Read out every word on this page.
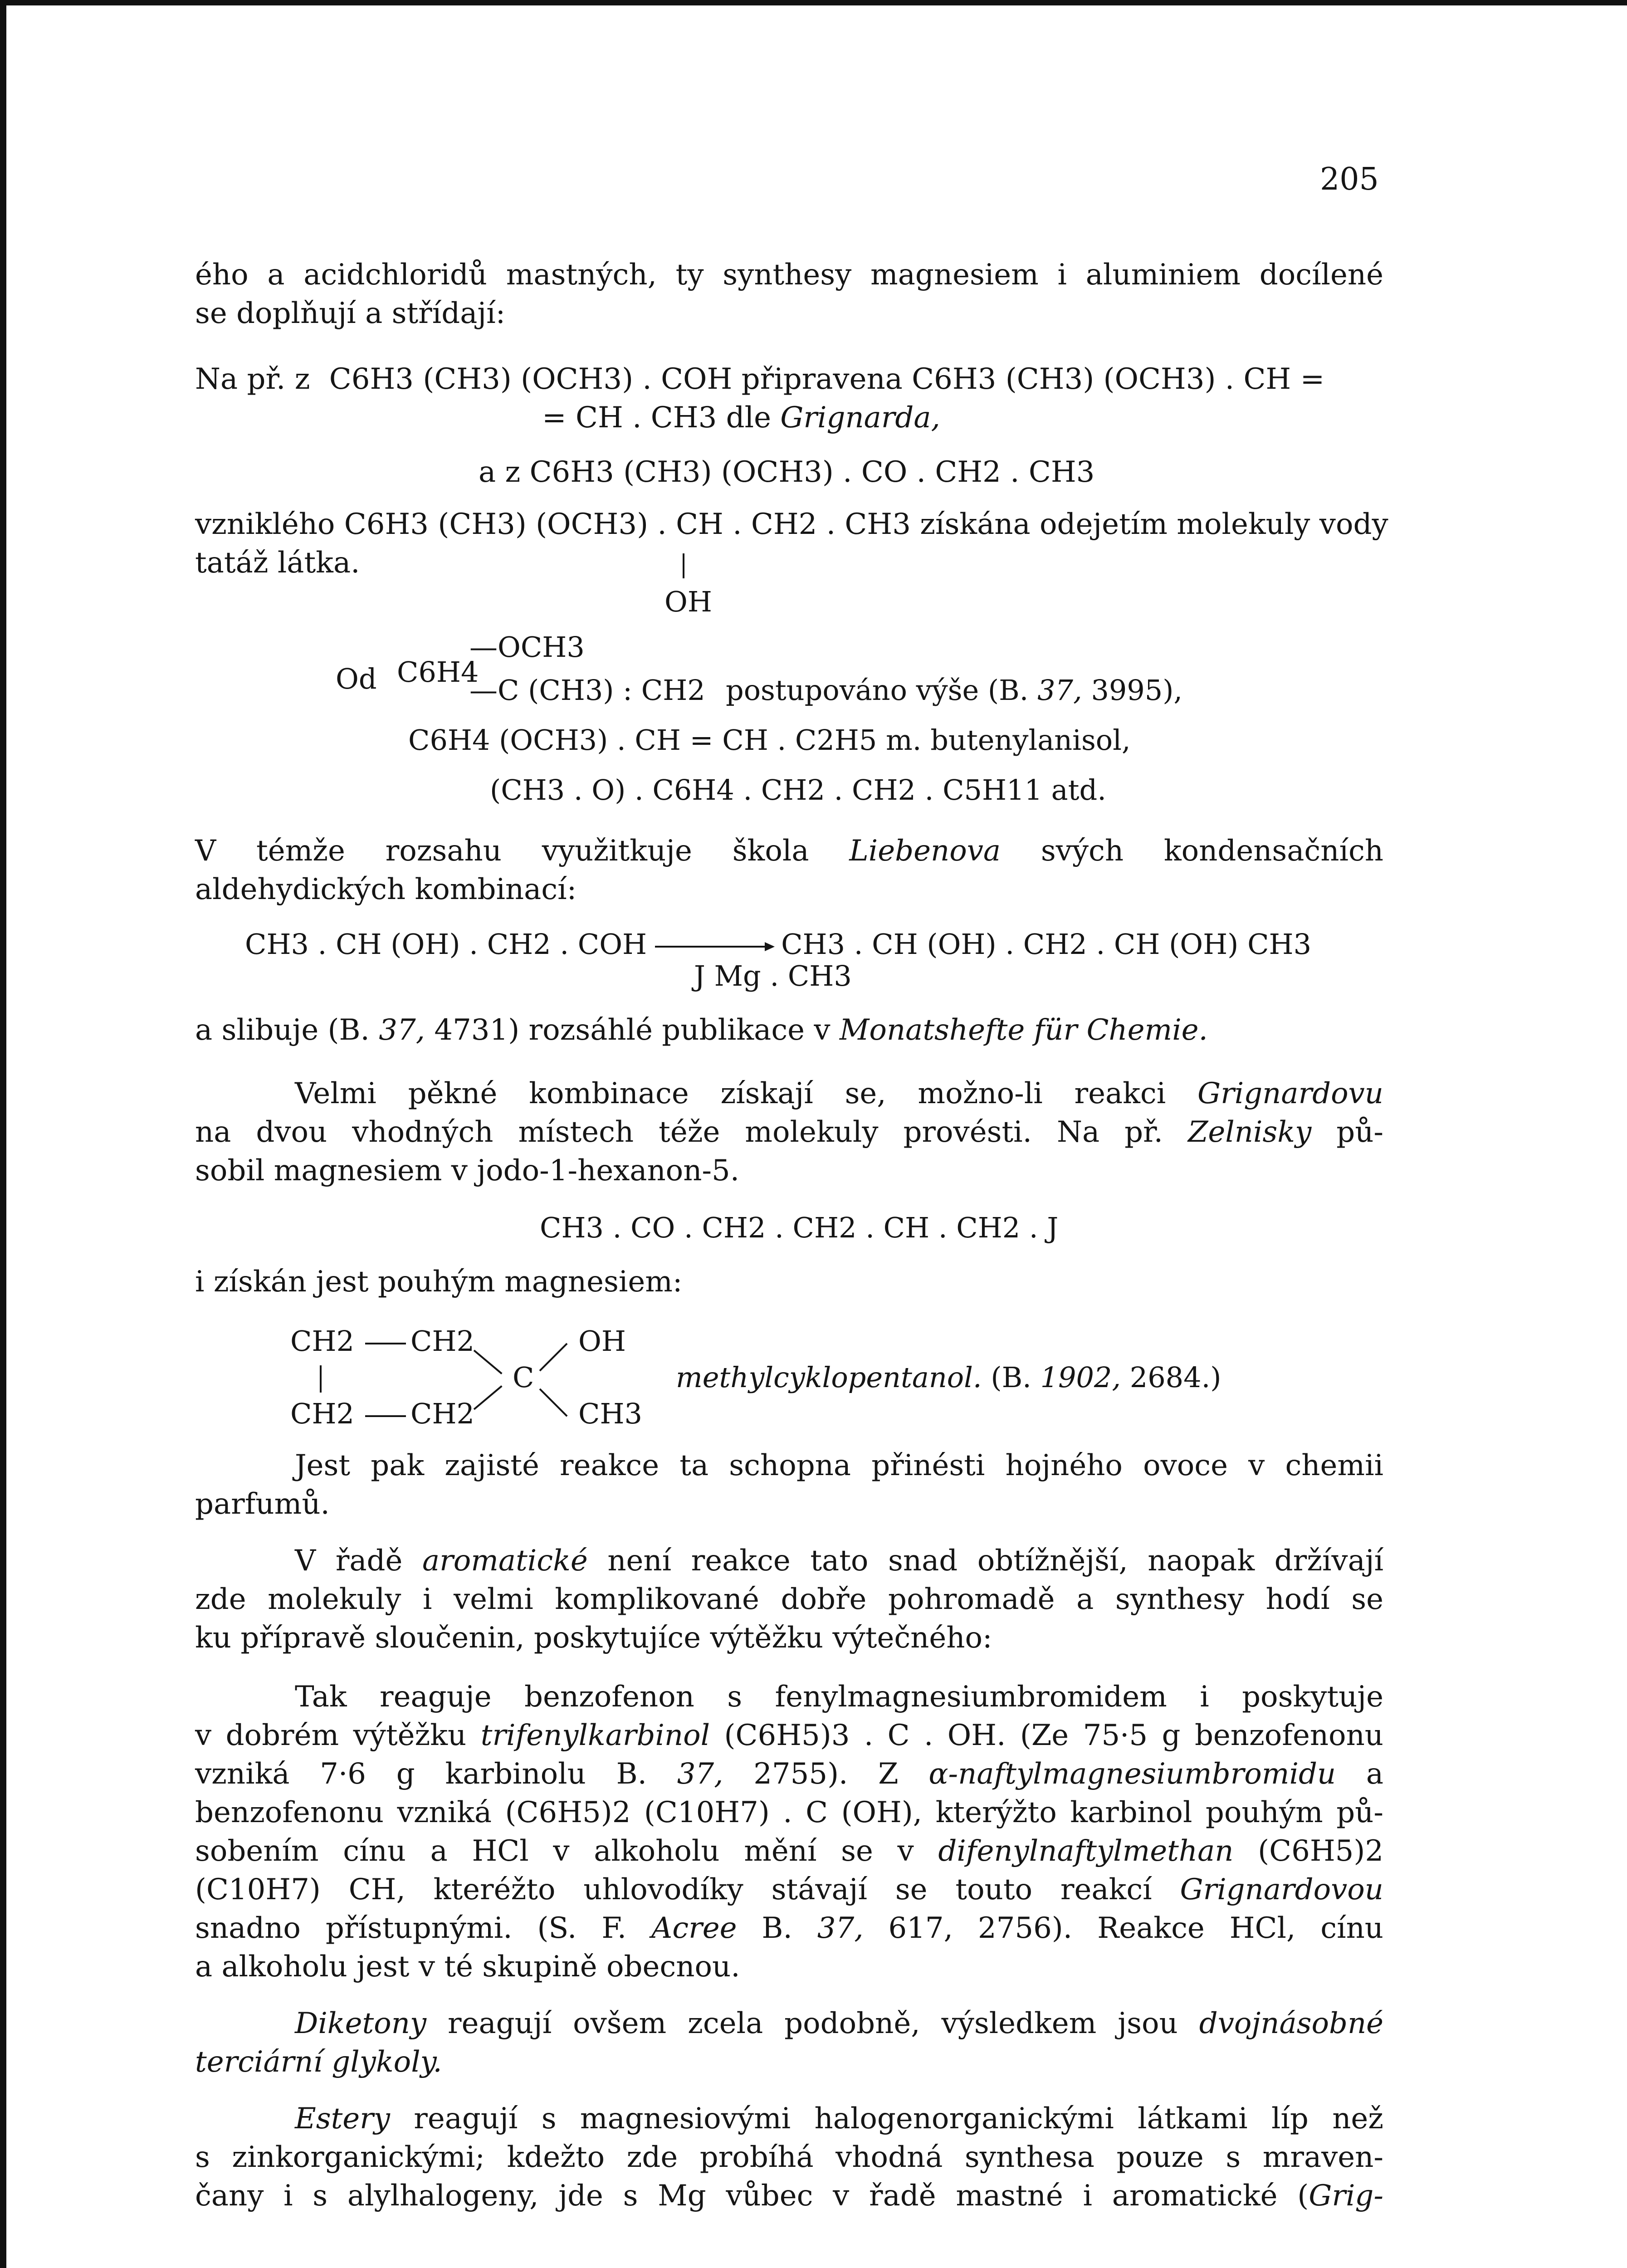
205
ého a acidchloridů mastných, ty synthesy magnesiem i aluminiem docílené
se doplňují a střídají:
Na př. z C6H3 (CH3) (OCH3) . COH připravena C6H3 (CH3) (OCH3) . CH =
= CH . CH3 dle Grignarda,
a z C6H3 (CH3) (OCH3) . CO . CH2 . CH3
vzniklého C6H3 (CH3) (OCH3) . CH . CH2 . CH3 získána odejetím molekuly vody
tatáž látka.
OH
Od C6H4
—OCH3
—C (CH3) : CH2 postupováno výše (B. 37, 3995),
C6H4 (OCH3) . CH = CH . C2H5 m. butenylanisol,
(CH3 . O) . C6H4 . CH2 . CH2 . C5H11 atd.
V témže rozsahu využitkuje škola Liebenova svých kondensačních
aldehydických kombinací:
CH3 . CH (OH) . CH2 . COH	CH3 . CH (OH) . CH2 . CH (OH) CH3
J Mg . CH3
a slibuje (B. 37, 4731) rozsáhlé publikace v Monatshefte für Chemie.
Velmi pěkné kombinace získají se, možno-li reakci Grignardovu
na dvou vhodných místech téže molekuly provésti. Na př. Zelnisky pů-
sobil magnesiem v jodo-1-hexanon-5.
CH3 . CO . CH2 . CH2 . CH . CH2 . J
i získán jest pouhým magnesiem:
CH2 CH2
CH2 CH2
C
OH
CH3
methylcyklopentanol. (B. 1902, 2684.)
Jest pak zajisté reakce ta schopna přinésti hojného ovoce v chemii
parfumů.
V řadě aromatické není reakce tato snad obtížnější, naopak držívají
zde molekuly i velmi komplikované dobře pohromadě a synthesy hodí se
ku přípravě sloučenin, poskytujíce výtěžku výtečného:
Tak reaguje benzofenon s fenylmagnesiumbromidem i poskytuje
v dobrém výtěžku trifenylkarbinol (C6H5)3 . C . OH. (Ze 75·5 g benzofenonu
vzniká 7·6 g karbinolu B. 37, 2755). Z α-naftylmagnesiumbromidu a
benzofenonu vzniká (C6H5)2 (C10H7) . C (OH), kterýžto karbinol pouhým pů-
sobením cínu a HCl v alkoholu mění se v difenylnaftylmethan (C6H5)2
(C10H7) CH, kteréžto uhlovodíky stávají se touto reakcí Grignardovou
snadno přístupnými. (S. F. Acree B. 37, 617, 2756). Reakce HCl, cínu
a alkoholu jest v té skupině obecnou.
Diketony reagují ovšem zcela podobně, výsledkem jsou dvojnásobné
terciární glykoly.
Estery reagují s magnesiovými halogenorganickými látkami líp než
s zinkorganickými; kdežto zde probíhá vhodná synthesa pouze s mraven-
čany i s alylhalogeny, jde s Mg vůbec v řadě mastné i aromatické (Grig-
